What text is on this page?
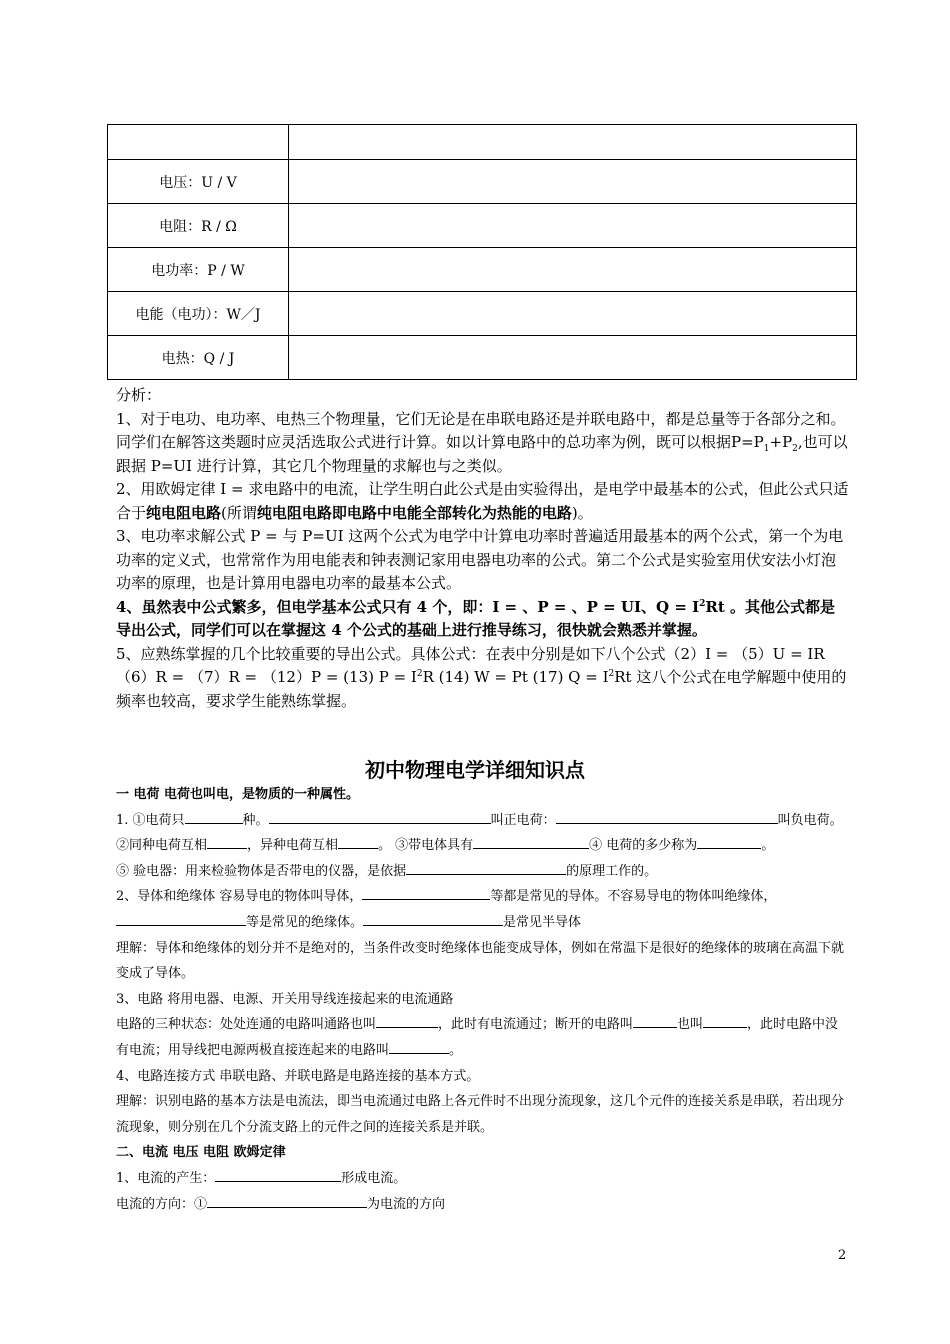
电压：U / V	
电阻：R / Ω	
电功率：P / W	
电能（电功）：W／J	
电热：Q / J	

分析：

1、对于电功、电功率、电热三个物理量，它们无论是在串联电路还是并联电路中，都是总量等于各部分之和。同学们在解答这类题时应灵活选取公式进行计算。如以计算电路中的总功率为例，既可以根据$P=P_1+P_2$,也可以跟据 P=UI 进行计算，其它几个物理量的求解也与之类似。

2、用欧姆定律 I = 求电路中的电流，让学生明白此公式是由实验得出，是电学中最基本的公式，但此公式只适合于纯电阻电路(所谓纯电阻电路即电路中电能全部转化为热能的电路)。

3、电功率求解公式 P = 与 P=UI 这两个公式为电学中计算电功率时普遍适用最基本的两个公式，第一个为电功率的定义式，也常常作为用电能表和钟表测记家用电器电功率的公式。第二个公式是实验室用伏安法小灯泡功率的原理，也是计算用电器电功率的最基本公式。

4、虽然表中公式繁多，但电学基本公式只有 4 个，即：I = 、P = 、P = UI、$Q = I^2Rt$ 。其他公式都是导出公式，同学们可以在掌握这 4 个公式的基础上进行推导练习，很快就会熟悉并掌握。

5、应熟练掌握的几个比较重要的导出公式。具体公式：在表中分别是如下八个公式（2）I = （5）U = IR （6）R = （7）R = （12）P = (13) $P = I^2R$ (14) W = Pt (17) $Q = I^2Rt$ 这八个公式在电学解题中使用的频率也较高，要求学生能熟练掌握。

初中物理电学详细知识点

一 电荷 电荷也叫电，是物质的一种属性。

1. ①电荷只	种。	叫正电荷：	叫负电荷。

②同种电荷互相	，异种电荷互相	。 ③带电体具有	④ 电荷的多少称为	。

⑤ 验电器：用来检验物体是否带电的仪器，是依据	的原理工作的。

2、导体和绝缘体 容易导电的物体叫导体，	等都是常见的导体。不容易导电的物体叫绝缘体，等是常见的绝缘体。	是常见半导体

理解：导体和绝缘体的划分并不是绝对的，当条件改变时绝缘体也能变成导体，例如在常温下是很好的绝缘体的玻璃在高温下就变成了导体。

3、电路 将用电器、电源、开关用导线连接起来的电流通路

电路的三种状态：处处连通的电路叫通路也叫	，此时有电流通过；断开的电路叫	也叫	，此时电路中没有电流；用导线把电源两极直接连起来的电路叫	。

4、电路连接方式 串联电路、并联电路是电路连接的基本方式。

理解：识别电路的基本方法是电流法，即当电流通过电路上各元件时不出现分流现象，这几个元件的连接关系是串联，若出现分流现象，则分别在几个分流支路上的元件之间的连接关系是并联。

二、电流 电压 电阻 欧姆定律

1、电流的产生：	形成电流。

电流的方向：①	为电流的方向

2
